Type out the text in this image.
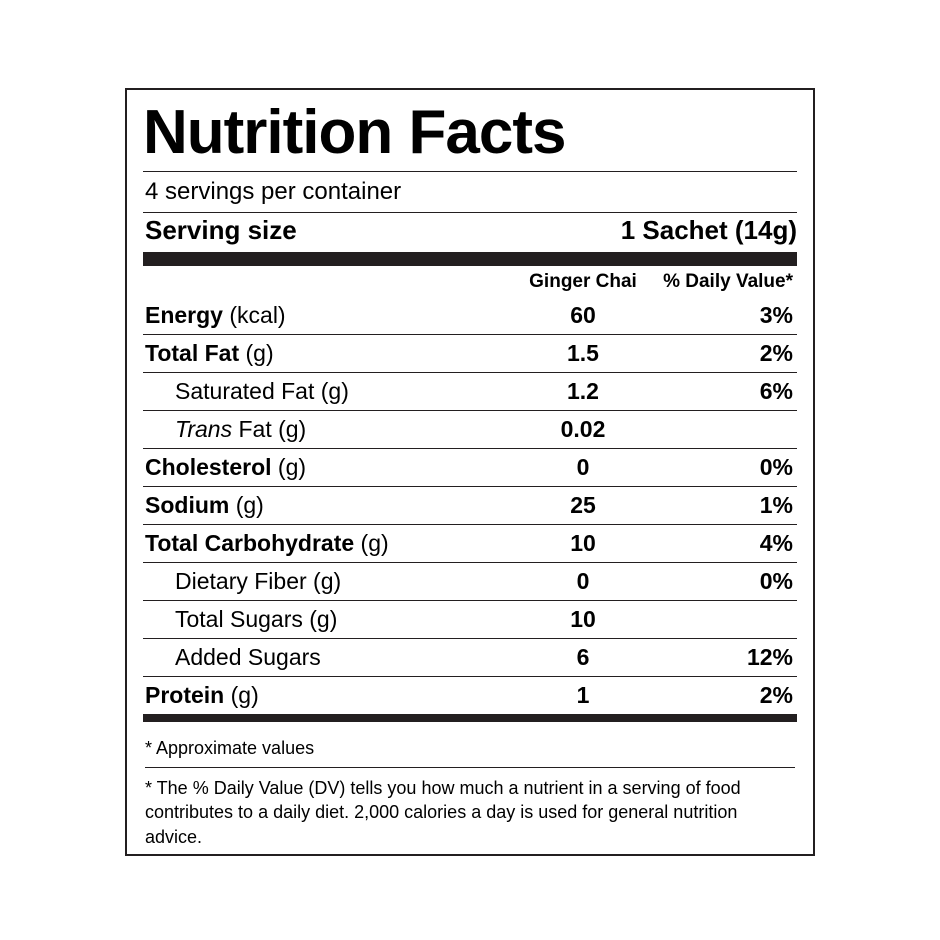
Nutrition Facts
4 servings per container
Serving size	1 Sachet (14g)
	Ginger Chai	% Daily Value*
Energy (kcal)	60	3%
Total Fat (g)	1.5	2%
Saturated Fat (g)	1.2	6%
Trans Fat (g)	0.02	
Cholesterol (g)	0	0%
Sodium (g)	25	1%
Total Carbohydrate (g)	10	4%
Dietary Fiber (g)	0	0%
Total Sugars (g)	10	
Added Sugars	6	12%
Protein (g)	1	2%
* Approximate values
* The % Daily Value (DV) tells you how much a nutrient in a serving of food contributes to a daily diet. 2,000 calories a day is used for general nutrition advice.
